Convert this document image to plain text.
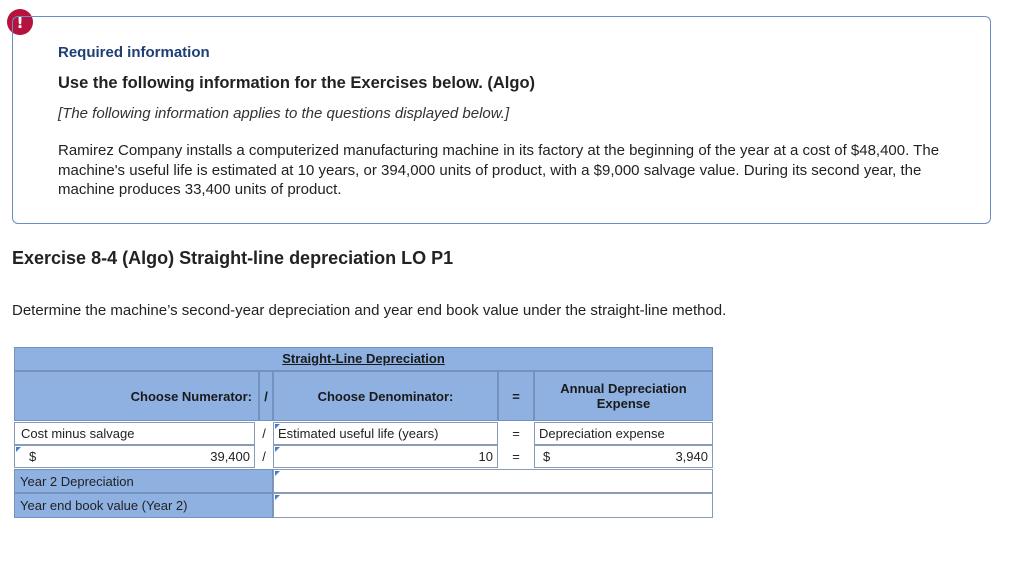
!
Required information
Use the following information for the Exercises below. (Algo)
[The following information applies to the questions displayed below.]
Ramirez Company installs a computerized manufacturing machine in its factory at the beginning of the year at a cost of $48,400. The machine's useful life is estimated at 10 years, or 394,000 units of product, with a $9,000 salvage value. During its second year, the machine produces 33,400 units of product.
Exercise 8-4 (Algo) Straight-line depreciation LO P1
Determine the machine’s second-year depreciation and year end book value under the straight-line method.
Straight-Line Depreciation
Choose Numerator: /	Choose Denominator:	=	Annual Depreciation Expense
Cost minus salvage	/ Estimated useful life (years)	=	Depreciation expense
$	39,400 /	10	=	$	3,940
Year 2 Depreciation
Year end book value (Year 2)
